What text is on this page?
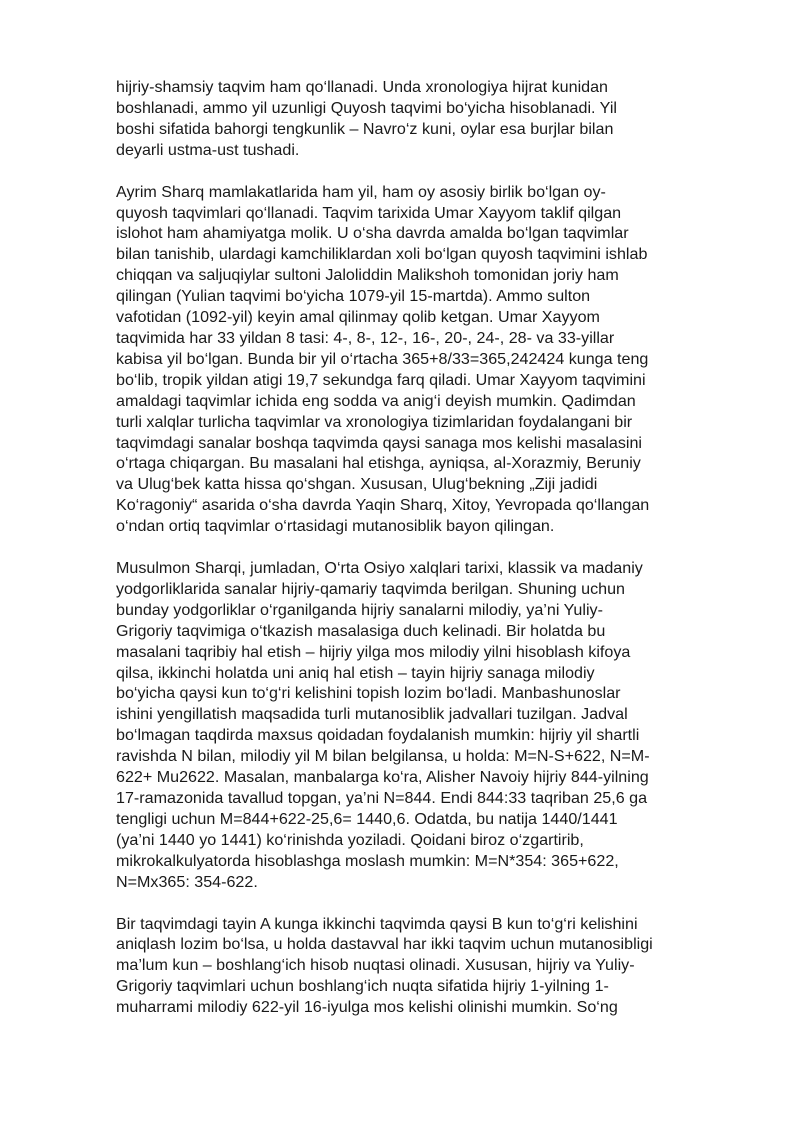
hijriy-shamsiy taqvim ham qo‘llanadi. Unda xronologiya hijrat kunidan
boshlanadi, ammo yil uzunligi Quyosh taqvimi bo‘yicha hisoblanadi. Yil
boshi sifatida bahorgi tengkunlik – Navro‘z kuni, oylar esa burjlar bilan
deyarli ustma-ust tushadi.

Ayrim Sharq mamlakatlarida ham yil, ham oy asosiy birlik bo‘lgan oy-
quyosh taqvimlari qo‘llanadi. Taqvim tarixida Umar Xayyom taklif qilgan
islohot ham ahamiyatga molik. U o‘sha davrda amalda bo‘lgan taqvimlar
bilan tanishib, ulardagi kamchiliklardan xoli bo‘lgan quyosh taqvimini ishlab
chiqqan va saljuqiylar sultoni Jaloliddin Malikshoh tomonidan joriy ham
qilingan (Yulian taqvimi bo‘yicha 1079-yil 15-martda). Ammo sulton
vafotidan (1092-yil) keyin amal qilinmay qolib ketgan. Umar Xayyom
taqvimida har 33 yildan 8 tasi: 4-, 8-, 12-, 16-, 20-, 24-, 28- va 33-yillar
kabisa yil bo‘lgan. Bunda bir yil o‘rtacha 365+8/33=365,242424 kunga teng
bo‘lib, tropik yildan atigi 19,7 sekundga farq qiladi. Umar Xayyom taqvimini
amaldagi taqvimlar ichida eng sodda va anig‘i deyish mumkin. Qadimdan
turli xalqlar turlicha taqvimlar va xronologiya tizimlaridan foydalangani bir
taqvimdagi sanalar boshqa taqvimda qaysi sanaga mos kelishi masalasini
o‘rtaga chiqargan. Bu masalani hal etishga, ayniqsa, al-Xorazmiy, Beruniy
va Ulug‘bek katta hissa qo‘shgan. Xususan, Ulug‘bekning „Ziji jadidi
Ko‘ragoniy“ asarida o‘sha davrda Yaqin Sharq, Xitoy, Yevropada qo‘llangan
o‘ndan ortiq taqvimlar o‘rtasidagi mutanosiblik bayon qilingan.

Musulmon Sharqi, jumladan, O‘rta Osiyo xalqlari tarixi, klassik va madaniy
yodgorliklarida sanalar hijriy-qamariy taqvimda berilgan. Shuning uchun
bunday yodgorliklar o‘rganilganda hijriy sanalarni milodiy, ya’ni Yuliy-
Grigoriy taqvimiga o‘tkazish masalasiga duch kelinadi. Bir holatda bu
masalani taqribiy hal etish – hijriy yilga mos milodiy yilni hisoblash kifoya
qilsa, ikkinchi holatda uni aniq hal etish – tayin hijriy sanaga milodiy
bo‘yicha qaysi kun to‘g‘ri kelishini topish lozim bo‘ladi. Manbashunoslar
ishini yengillatish maqsadida turli mutanosiblik jadvallari tuzilgan. Jadval
bo‘lmagan taqdirda maxsus qoidadan foydalanish mumkin: hijriy yil shartli
ravishda N bilan, milodiy yil M bilan belgilansa, u holda: M=N-S+622, N=M-
622+ Mu2622. Masalan, manbalarga ko‘ra, Alisher Navoiy hijriy 844-yilning
17-ramazonida tavallud topgan, ya’ni N=844. Endi 844:33 taqriban 25,6 ga
tengligi uchun M=844+622-25,6= 1440,6. Odatda, bu natija 1440/1441
(ya’ni 1440 yo 1441) ko‘rinishda yoziladi. Qoidani biroz o‘zgartirib,
mikrokalkulyatorda hisoblashga moslash mumkin: M=N*354: 365+622,
N=Mx365: 354-622.

Bir taqvimdagi tayin A kunga ikkinchi taqvimda qaysi B kun to‘g‘ri kelishini
aniqlash lozim bo‘lsa, u holda dastavval har ikki taqvim uchun mutanosibligi
ma’lum kun – boshlang‘ich hisob nuqtasi olinadi. Xususan, hijriy va Yuliy-
Grigoriy taqvimlari uchun boshlang‘ich nuqta sifatida hijriy 1-yilning 1-
muharrami milodiy 622-yil 16-iyulga mos kelishi olinishi mumkin. So‘ng
